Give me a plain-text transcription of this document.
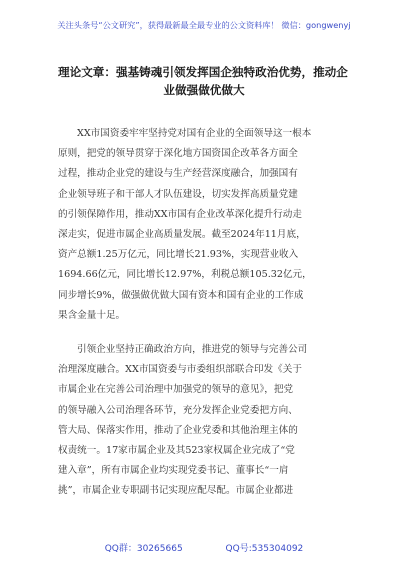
关注头条号“公文研究”，获得最新最全最专业的公文资料库！ 微信：gongwenyj
理论文章：强基铸魂引领发挥国企独特政治优势，推动企
业做强做优做大

XX市国资委牢牢坚持党对国有企业的全面领导这一根本
原则，把党的领导贯穿于深化地方国资国企改革各方面全
过程，推动企业党的建设与生产经营深度融合，加强国有
企业领导班子和干部人才队伍建设，切实发挥高质量党建
的引领保障作用，推动XX市国有企业改革深化提升行动走
深走实，促进市属企业高质量发展。截至2024年11月底，
资产总额1.25万亿元，同比增长21.93%，实现营业收入
1694.66亿元，同比增长12.97%，利税总额105.32亿元，
同步增长9%，做强做优做大国有资本和国有企业的工作成
果含金量十足。

引领企业坚持正确政治方向，推进党的领导与完善公司
治理深度融合。XX市国资委与市委组织部联合印发《关于
市属企业在完善公司治理中加强党的领导的意见》，把党
的领导融入公司治理各环节，充分发挥企业党委把方向、
管大局、保落实作用，推动了企业党委和其他治理主体的
权责统一。17家市属企业及其523家权属企业完成了“党
建入章”，所有市属企业均实现党委书记、董事长“一肩
挑”，市属企业专职副书记实现应配尽配。市属企业都进

QQ群：30265665	QQ号:535304092
